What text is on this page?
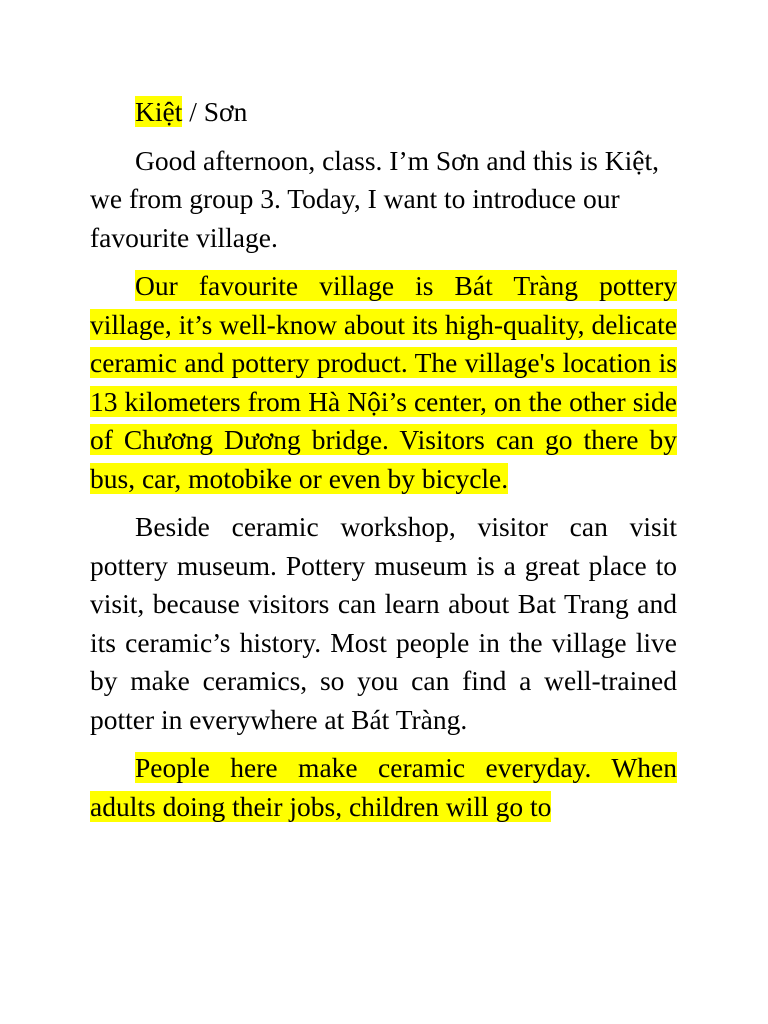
Kiệt / Sơn

Good afternoon, class. I’m Sơn and this is Kiệt, we from group 3. Today, I want to introduce our favourite village.

Our favourite village is Bát Tràng pottery village, it’s well-know about its high-quality, delicate ceramic and pottery product. The village's location is 13 kilometers from Hà Nội’s center, on the other side of Chương Dương bridge. Visitors can go there by bus, car, motobike or even by bicycle.

Beside ceramic workshop, visitor can visit pottery museum. Pottery museum is a great place to visit, because visitors can learn about Bat Trang and its ceramic’s history. Most people in the village live by make ceramics, so you can find a well-trained potter in everywhere at Bát Tràng.

People here make ceramic everyday. When adults doing their jobs, children will go to
